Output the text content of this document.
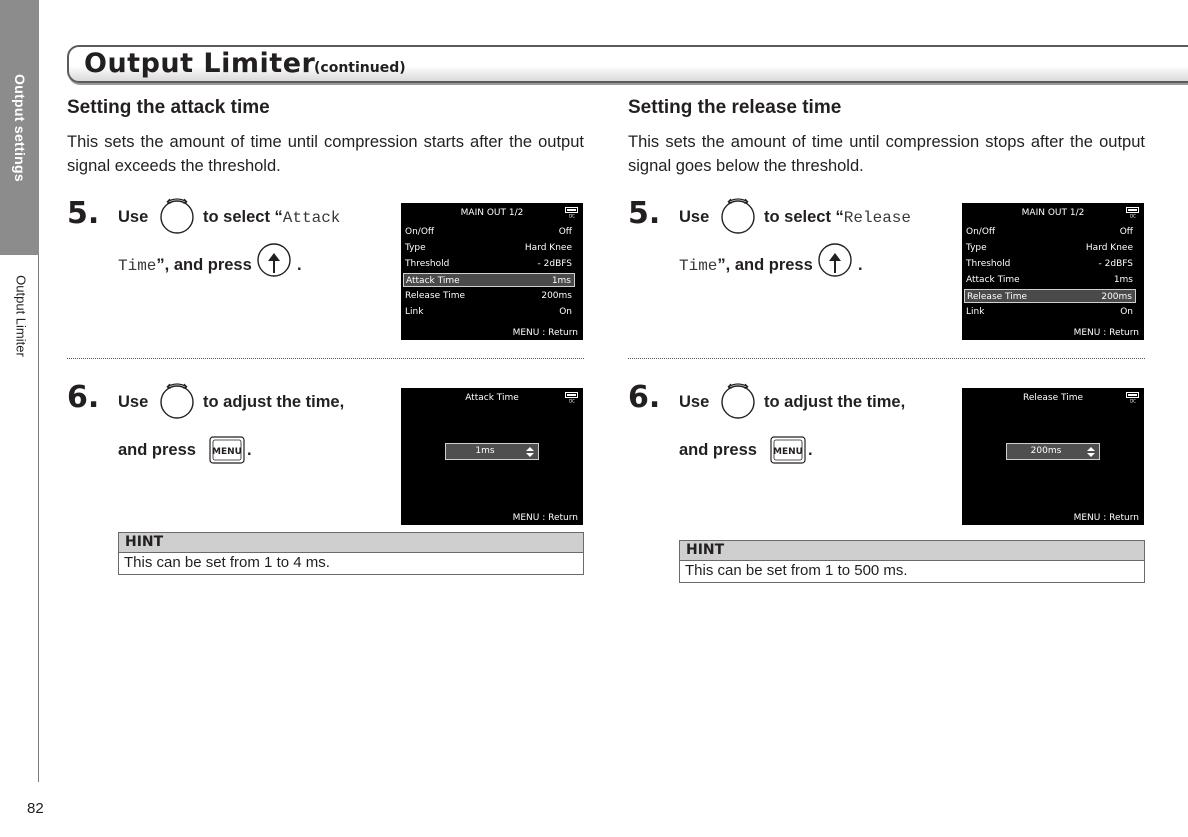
Output settings
Output Limiter
82
Output Limiter
(continued)
Setting the attack time
This sets the amount of time until compression starts after the output signal exceeds the threshold.
5. Use	to select “Attack
Time”, and press	.
MAIN OUT 1/2	DC
On/Off	Off
Type	Hard Knee
Threshold	- 2dBFS
Attack Time	1ms
Release Time	200ms
Link	On
MENU : Return
6. Use	to adjust the time,
and press MENU .
Attack Time	DC
1ms
MENU : Return
HINT
This can be set from 1 to 4 ms.
Setting the release time
This sets the amount of time until compression stops after the output signal goes below the threshold.
5. Use	to select “Release
Time”, and press	.
MAIN OUT 1/2	DC
On/Off	Off
Type	Hard Knee
Threshold	- 2dBFS
Attack Time	1ms
Release Time	200ms
Link	On
MENU : Return
6. Use	to adjust the time,
and press MENU .
Release Time	DC
200ms
MENU : Return
HINT
This can be set from 1 to 500 ms.
